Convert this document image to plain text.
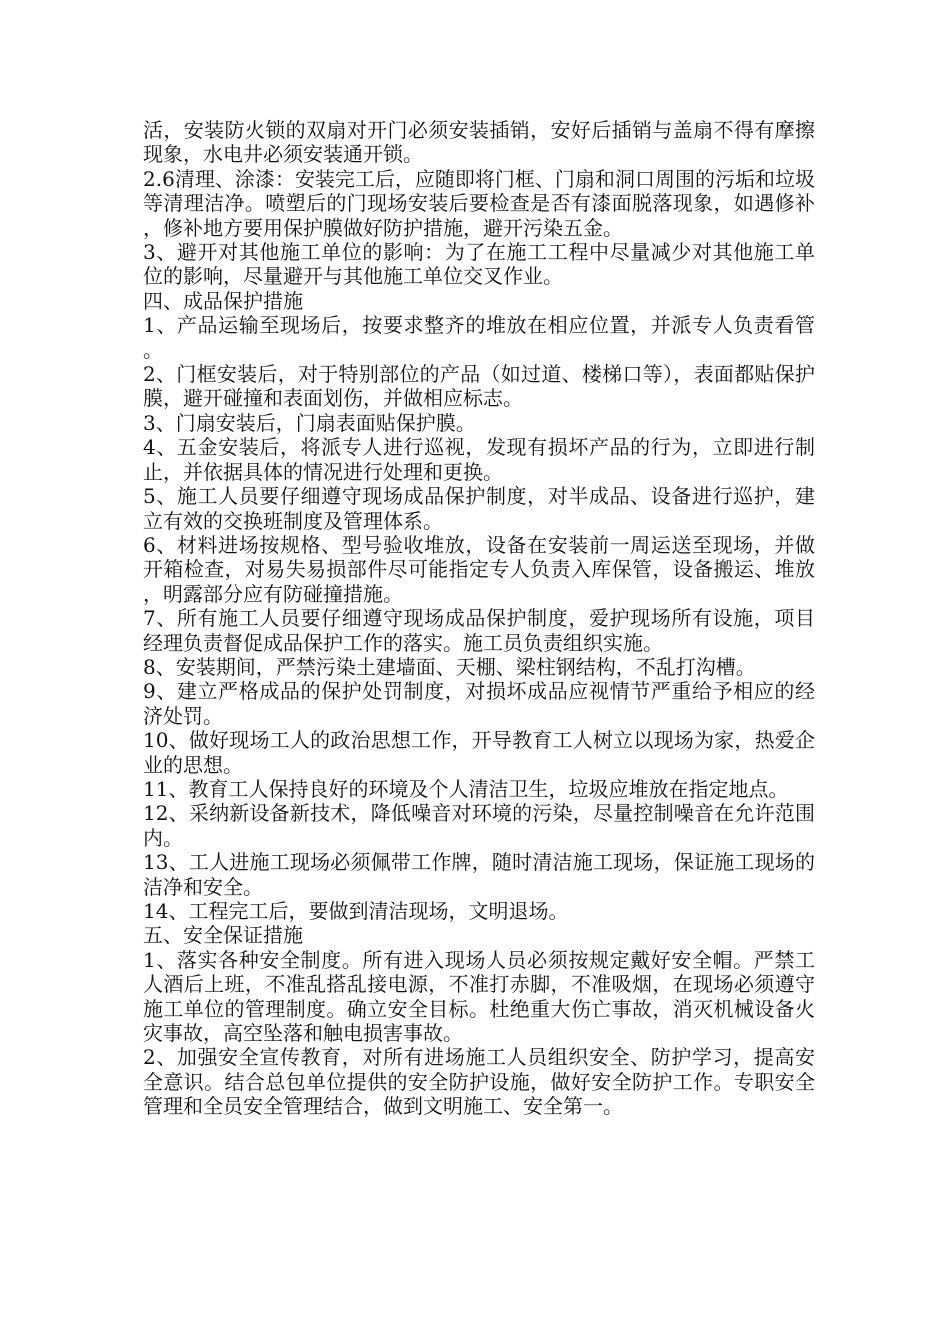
活，安装防火锁的双扇对开门必须安装插销，安好后插销与盖扇不得有摩擦现象，水电井必须安装通开锁。

2.6清理、涂漆：安装完工后，应随即将门框、门扇和洞口周围的污垢和垃圾等清理洁净。喷塑后的门现场安装后要检查是否有漆面脱落现象，如遇修补，修补地方要用保护膜做好防护措施，避开污染五金。

3、避开对其他施工单位的影响：为了在施工工程中尽量减少对其他施工单位的影响，尽量避开与其他施工单位交叉作业。

四、成品保护措施

1、产品运输至现场后，按要求整齐的堆放在相应位置，并派专人负责看管。

2、门框安装后，对于特别部位的产品（如过道、楼梯口等），表面都贴保护膜，避开碰撞和表面划伤，并做相应标志。

3、门扇安装后，门扇表面贴保护膜。

4、五金安装后，将派专人进行巡视，发现有损坏产品的行为，立即进行制止，并依据具体的情况进行处理和更换。

5、施工人员要仔细遵守现场成品保护制度，对半成品、设备进行巡护，建立有效的交换班制度及管理体系。

6、材料进场按规格、型号验收堆放，设备在安装前一周运送至现场，并做开箱检查，对易失易损部件尽可能指定专人负责入库保管，设备搬运、堆放，明露部分应有防碰撞措施。

7、所有施工人员要仔细遵守现场成品保护制度，爱护现场所有设施，项目经理负责督促成品保护工作的落实。施工员负责组织实施。

8、安装期间，严禁污染土建墙面、天棚、梁柱钢结构，不乱打沟槽。

9、建立严格成品的保护处罚制度，对损坏成品应视情节严重给予相应的经济处罚。

10、做好现场工人的政治思想工作，开导教育工人树立以现场为家，热爱企业的思想。

11、教育工人保持良好的环境及个人清洁卫生，垃圾应堆放在指定地点。

12、采纳新设备新技术，降低噪音对环境的污染，尽量控制噪音在允许范围内。

13、工人进施工现场必须佩带工作牌，随时清洁施工现场，保证施工现场的洁净和安全。

14、工程完工后，要做到清洁现场，文明退场。

五、安全保证措施

1、落实各种安全制度。所有进入现场人员必须按规定戴好安全帽。严禁工人酒后上班，不准乱搭乱接电源，不准打赤脚，不准吸烟，在现场必须遵守施工单位的管理制度。确立安全目标。杜绝重大伤亡事故，消灭机械设备火灾事故，高空坠落和触电损害事故。

2、加强安全宣传教育，对所有进场施工人员组织安全、防护学习，提高安全意识。结合总包单位提供的安全防护设施，做好安全防护工作。专职安全管理和全员安全管理结合，做到文明施工、安全第一。
